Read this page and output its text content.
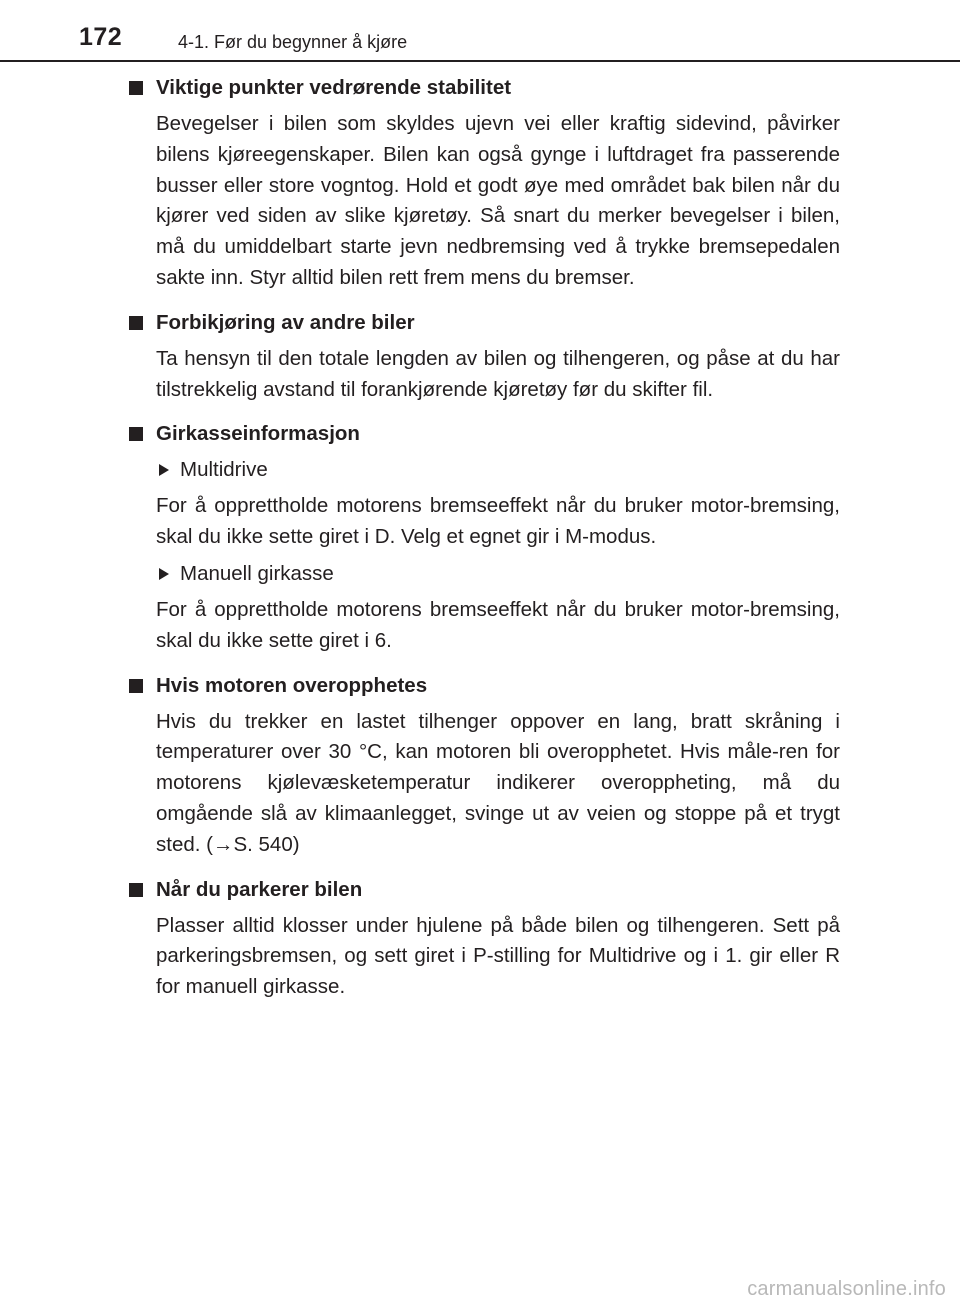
172	4-1. Før du begynner å kjøre
Viktige punkter vedrørende stabilitet

Bevegelser i bilen som skyldes ujevn vei eller kraftig sidevind, påvirker bilens kjøreegenskaper. Bilen kan også gynge i luftdraget fra passerende busser eller store vogntog. Hold et godt øye med området bak bilen når du kjører ved siden av slike kjøretøy. Så snart du merker bevegelser i bilen, må du umiddelbart starte jevn nedbremsing ved å trykke bremsepedalen sakte inn. Styr alltid bilen rett frem mens du bremser.

Forbikjøring av andre biler

Ta hensyn til den totale lengden av bilen og tilhengeren, og påse at du har tilstrekkelig avstand til forankjørende kjøretøy før du skifter fil.

Girkasseinformasjon
Multidrive

For å opprettholde motorens bremseeffekt når du bruker motor-bremsing, skal du ikke sette giret i D. Velg et egnet gir i M-modus.

Manuell girkasse

For å opprettholde motorens bremseeffekt når du bruker motor-bremsing, skal du ikke sette giret i 6.

Hvis motoren overopphetes

Hvis du trekker en lastet tilhenger oppover en lang, bratt skråning i temperaturer over 30 °C, kan motoren bli overopphetet. Hvis måle-ren for motorens kjølevæsketemperatur indikerer overoppheting, må du omgående slå av klimaanlegget, svinge ut av veien og stoppe på et trygt sted. (→S. 540)

Når du parkerer bilen

Plasser alltid klosser under hjulene på både bilen og tilhengeren. Sett på parkeringsbremsen, og sett giret i P-stilling for Multidrive og i 1. gir eller R for manuell girkasse.

carmanualsonline.info
